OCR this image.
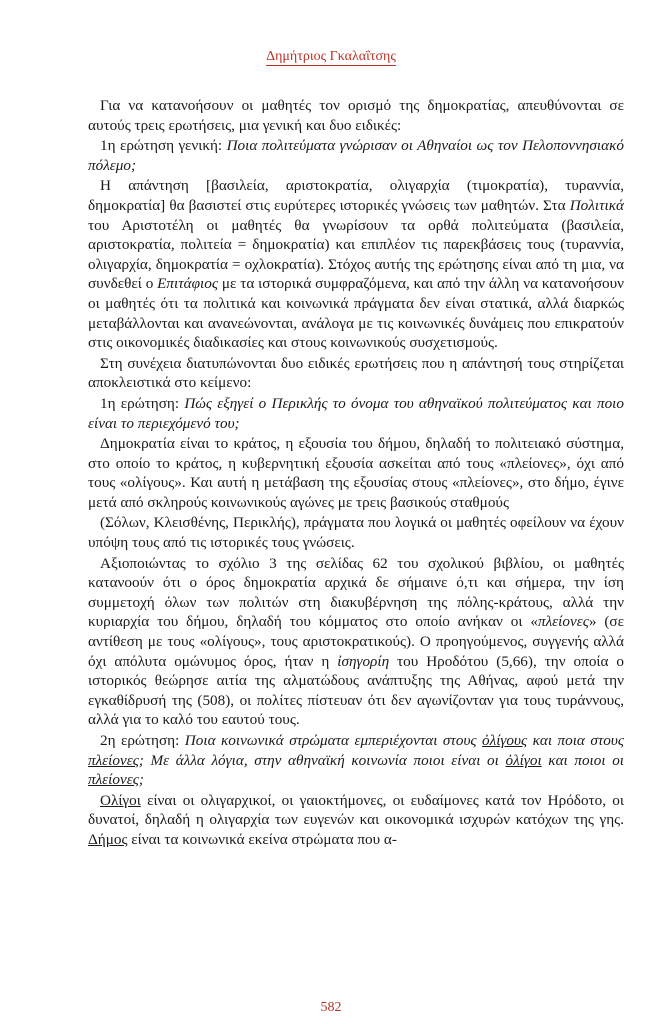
Δημήτριος Γκαλαΐτσης

Για να κατανοήσουν οι μαθητές τον ορισμό της δημοκρατίας, απευθύνονται σε αυτούς τρεις ερωτήσεις, μια γενική και δυο ειδικές:

1η ερώτηση γενική: Ποια πολιτεύματα γνώρισαν οι Αθηναίοι ως τον Πελοποννησιακό πόλεμο;

Η απάντηση [βασιλεία, αριστοκρατία, ολιγαρχία (τιμοκρατία), τυραννία, δημοκρατία] θα βασιστεί στις ευρύτερες ιστορικές γνώσεις των μαθητών. Στα Πολιτικά του Αριστοτέλη οι μαθητές θα γνωρίσουν τα ορθά πολιτεύματα (βασιλεία, αριστοκρατία, πολιτεία = δημοκρατία) και επιπλέον τις παρεκβάσεις τους (τυραννία, ολιγαρχία, δημοκρατία = οχλοκρατία). Στόχος αυτής της ερώτησης είναι από τη μια, να συνδεθεί ο Επιτάφιος με τα ιστορικά συμφραζόμενα, και από την άλλη να κατανοήσουν οι μαθητές ότι τα πολιτικά και κοινωνικά πράγματα δεν είναι στατικά, αλλά διαρκώς μεταβάλλονται και ανανεώνονται, ανάλογα με τις κοινωνικές δυνάμεις που επικρατούν στις οικονομικές διαδικασίες και στους κοινωνικούς συσχετισμούς.

Στη συνέχεια διατυπώνονται δυο ειδικές ερωτήσεις που η απάντησή τους στηρίζεται αποκλειστικά στο κείμενο:

1η ερώτηση: Πώς εξηγεί ο Περικλής το όνομα του αθηναϊκού πολιτεύματος και ποιο είναι το περιεχόμενό του;

Δημοκρατία είναι το κράτος, η εξουσία του δήμου, δηλαδή το πολιτειακό σύστημα, στο οποίο το κράτος, η κυβερνητική εξουσία ασκείται από τους «πλείονες», όχι από τους «ολίγους». Και αυτή η μετάβαση της εξουσίας στους «πλείονες», στο δήμο, έγινε μετά από σκληρούς κοινωνικούς αγώνες με τρεις βασικούς σταθμούς

(Σόλων, Κλεισθένης, Περικλής), πράγματα που λογικά οι μαθητές οφείλουν να έχουν υπόψη τους από τις ιστορικές τους γνώσεις.

Αξιοποιώντας το σχόλιο 3 της σελίδας 62 του σχολικού βιβλίου, οι μαθητές κατανοούν ότι ο όρος δημοκρατία αρχικά δε σήμαινε ό,τι και σήμερα, την ίση συμμετοχή όλων των πολιτών στη διακυβέρνηση της πόλης-κράτους, αλλά την κυριαρχία του δήμου, δηλαδή του κόμματος στο οποίο ανήκαν οι «πλείονες» (σε αντίθεση με τους «ολίγους», τους αριστοκρατικούς). Ο προηγούμενος, συγγενής αλλά όχι απόλυτα ομώνυμος όρος, ήταν η ἰσηγορίη του Ηροδότου (5,66), την οποία ο ιστορικός θεώρησε αιτία της αλματώδους ανάπτυξης της Αθήνας, αφού μετά την εγκαθίδρυσή της (508), οι πολίτες πίστευαν ότι δεν αγωνίζονταν για τους τυράννους, αλλά για το καλό του εαυτού τους.

2η ερώτηση: Ποια κοινωνικά στρώματα εμπεριέχονται στους ὀλίγους και ποια στους πλείονες; Με άλλα λόγια, στην αθηναϊκή κοινωνία ποιοι είναι οι ὀλίγοι και ποιοι οι πλείονες;

Ολίγοι είναι οι ολιγαρχικοί, οι γαιοκτήμονες, οι ευδαίμονες κατά τον Ηρόδοτο, οι δυνατοί, δηλαδή η ολιγαρχία των ευγενών και οικονομικά ισχυρών κατόχων της γης. Δήμος είναι τα κοινωνικά εκείνα στρώματα που α-

582
